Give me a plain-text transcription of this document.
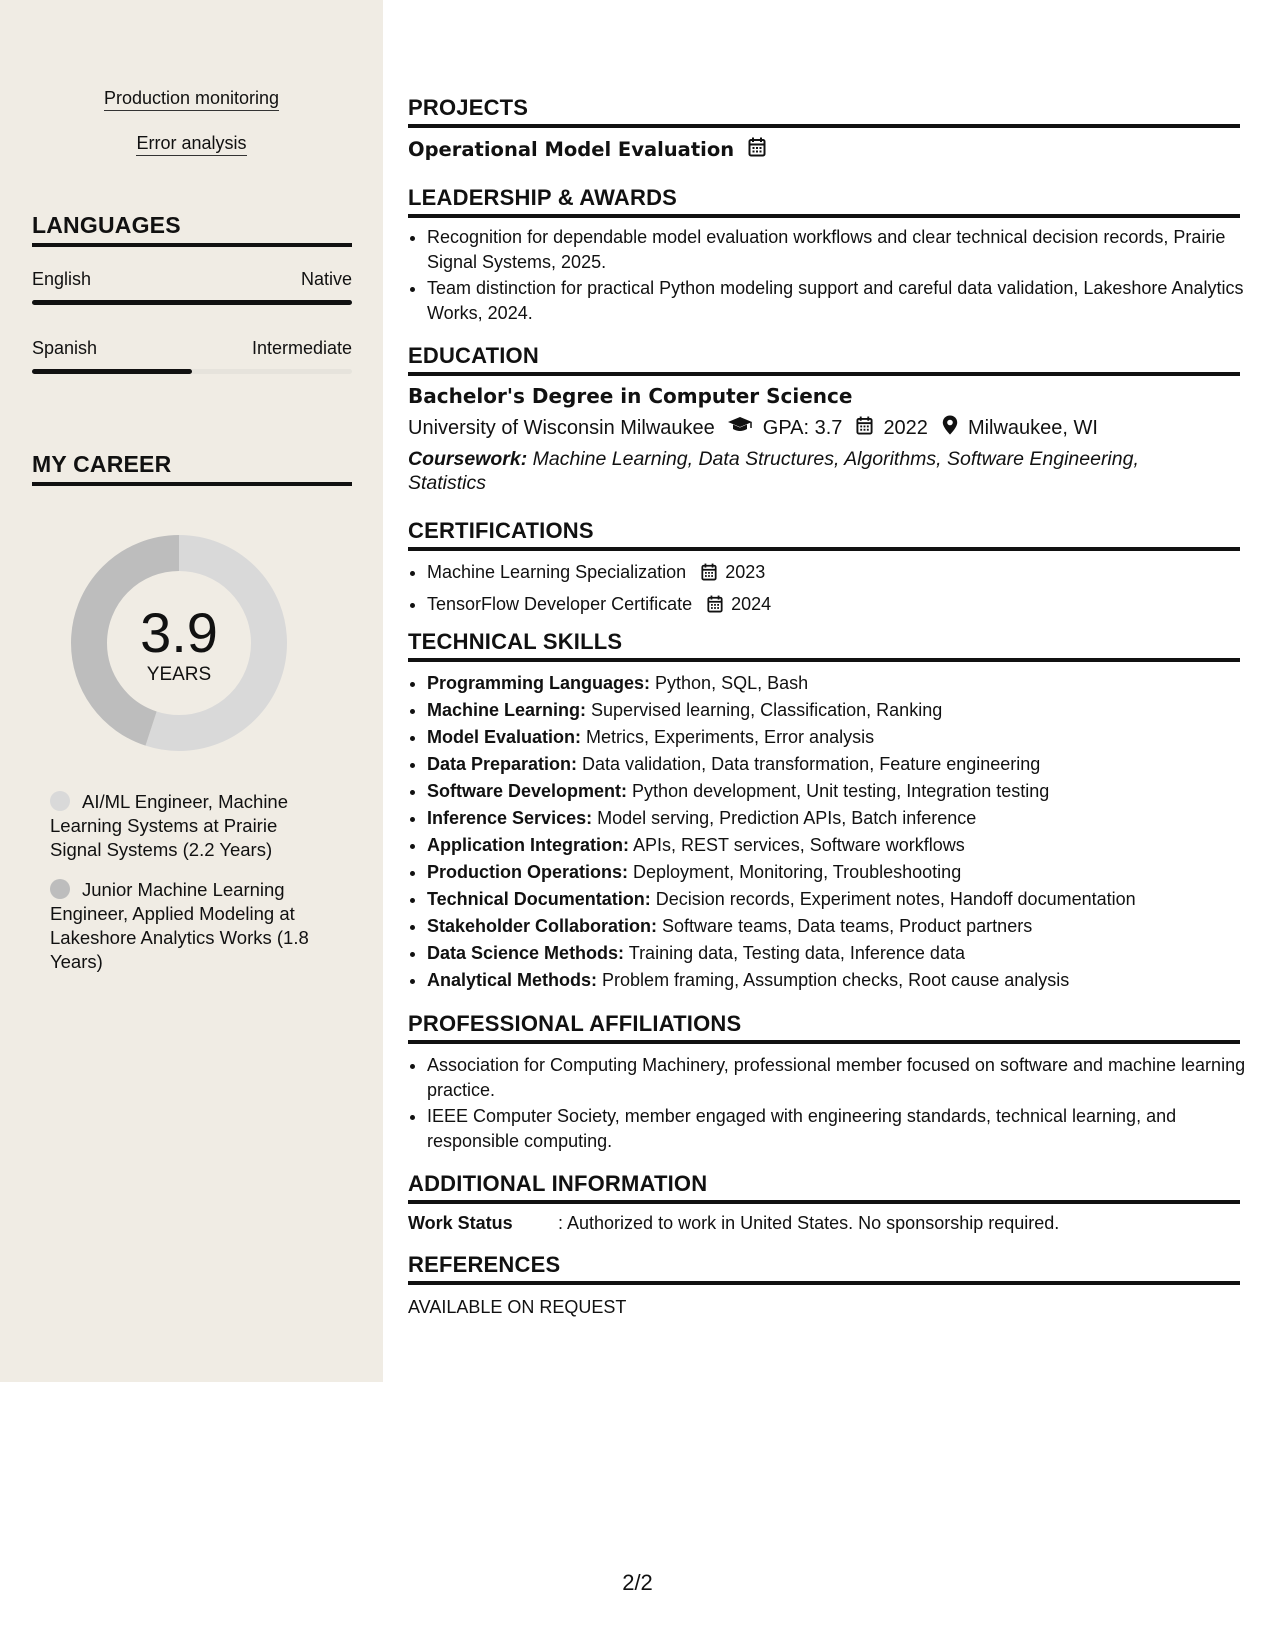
Production monitoring
Error analysis
LANGUAGES
English	Native
Spanish	Intermediate
MY CAREER
3.9
YEARS
AI/ML Engineer, Machine Learning Systems at Prairie Signal Systems (2.2 Years)
Junior Machine Learning Engineer, Applied Modeling at Lakeshore Analytics Works (1.8 Years)
PROJECTS
Operational Model Evaluation
LEADERSHIP & AWARDS
• Recognition for dependable model evaluation workflows and clear technical decision records, Prairie Signal Systems, 2025.
• Team distinction for practical Python modeling support and careful data validation, Lakeshore Analytics Works, 2024.
EDUCATION
Bachelor's Degree in Computer Science
University of Wisconsin Milwaukee GPA: 3.7 2022 Milwaukee, WI
Coursework: Machine Learning, Data Structures, Algorithms, Software Engineering, Statistics
CERTIFICATIONS
• Machine Learning Specialization 2023
• TensorFlow Developer Certificate 2024
TECHNICAL SKILLS
• Programming Languages: Python, SQL, Bash
• Machine Learning: Supervised learning, Classification, Ranking
• Model Evaluation: Metrics, Experiments, Error analysis
• Data Preparation: Data validation, Data transformation, Feature engineering
• Software Development: Python development, Unit testing, Integration testing
• Inference Services: Model serving, Prediction APIs, Batch inference
• Application Integration: APIs, REST services, Software workflows
• Production Operations: Deployment, Monitoring, Troubleshooting
• Technical Documentation: Decision records, Experiment notes, Handoff documentation
• Stakeholder Collaboration: Software teams, Data teams, Product partners
• Data Science Methods: Training data, Testing data, Inference data
• Analytical Methods: Problem framing, Assumption checks, Root cause analysis
PROFESSIONAL AFFILIATIONS
• Association for Computing Machinery, professional member focused on software and machine learning practice.
• IEEE Computer Society, member engaged with engineering standards, technical learning, and responsible computing.
ADDITIONAL INFORMATION
Work Status	: Authorized to work in United States. No sponsorship required.
REFERENCES
AVAILABLE ON REQUEST
2/2
